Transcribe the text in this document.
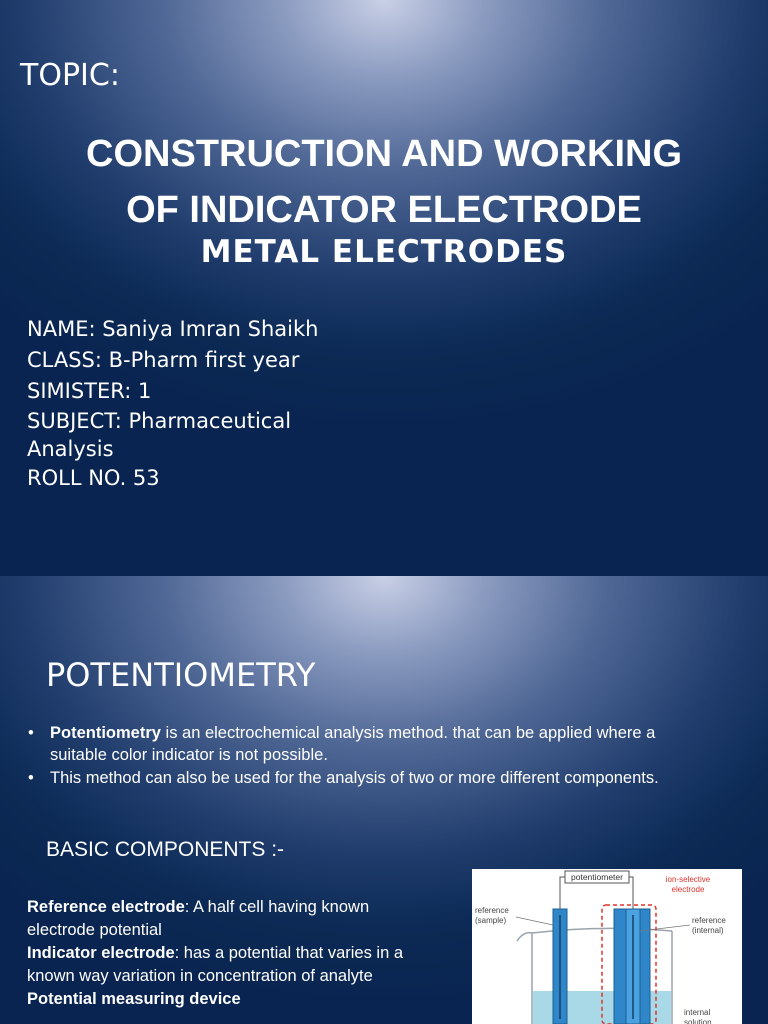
TOPIC:
CONSTRUCTION AND WORKING
OF INDICATOR ELECTRODE
METAL ELECTRODES
NAME: Saniya Imran Shaikh
CLASS: B-Pharm first year
SIMISTER: 1
SUBJECT: Pharmaceutical
Analysis
ROLL NO. 53
POTENTIOMETRY
• Potentiometry is an electrochemical analysis method. that can be applied where a
suitable color indicator is not possible.
• This method can also be used for the analysis of two or more different components.
BASIC COMPONENTS :-
Reference electrode: A half cell having known
electrode potential
Indicator electrode: has a potential that varies in a
known way variation in concentration of analyte
Potential measuring device
potentiometer
reference
(sample)
ion-selective
electrode
reference
(internal)
internal
solution
